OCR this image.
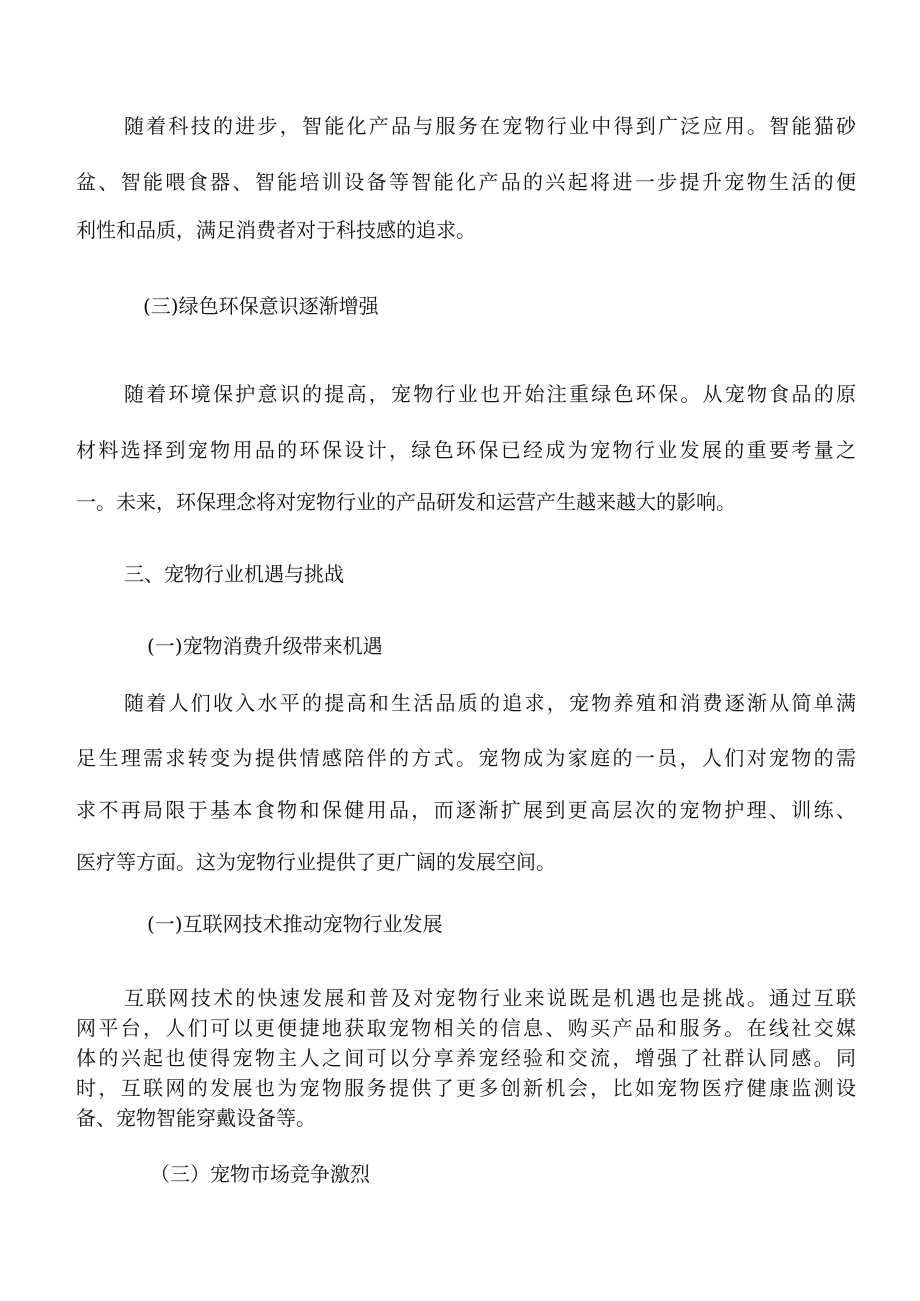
随着科技的进步，智能化产品与服务在宠物行业中得到广泛应用。智能猫砂
盆、智能喂食器、智能培训设备等智能化产品的兴起将进一步提升宠物生活的便
利性和品质，满足消费者对于科技感的追求。
(三)绿色环保意识逐渐增强
随着环境保护意识的提高，宠物行业也开始注重绿色环保。从宠物食品的原
材料选择到宠物用品的环保设计，绿色环保已经成为宠物行业发展的重要考量之
一。未来，环保理念将对宠物行业的产品研发和运营产生越来越大的影响。
三、宠物行业机遇与挑战
(一)宠物消费升级带来机遇
随着人们收入水平的提高和生活品质的追求，宠物养殖和消费逐渐从简单满
足生理需求转变为提供情感陪伴的方式。宠物成为家庭的一员，人们对宠物的需
求不再局限于基本食物和保健用品，而逐渐扩展到更高层次的宠物护理、训练、
医疗等方面。这为宠物行业提供了更广阔的发展空间。
(一)互联网技术推动宠物行业发展
互联网技术的快速发展和普及对宠物行业来说既是机遇也是挑战。通过互联
网平台，人们可以更便捷地获取宠物相关的信息、购买产品和服务。在线社交媒
体的兴起也使得宠物主人之间可以分享养宠经验和交流，增强了社群认同感。同
时，互联网的发展也为宠物服务提供了更多创新机会，比如宠物医疗健康监测设
备、宠物智能穿戴设备等。
（三）宠物市场竞争激烈
